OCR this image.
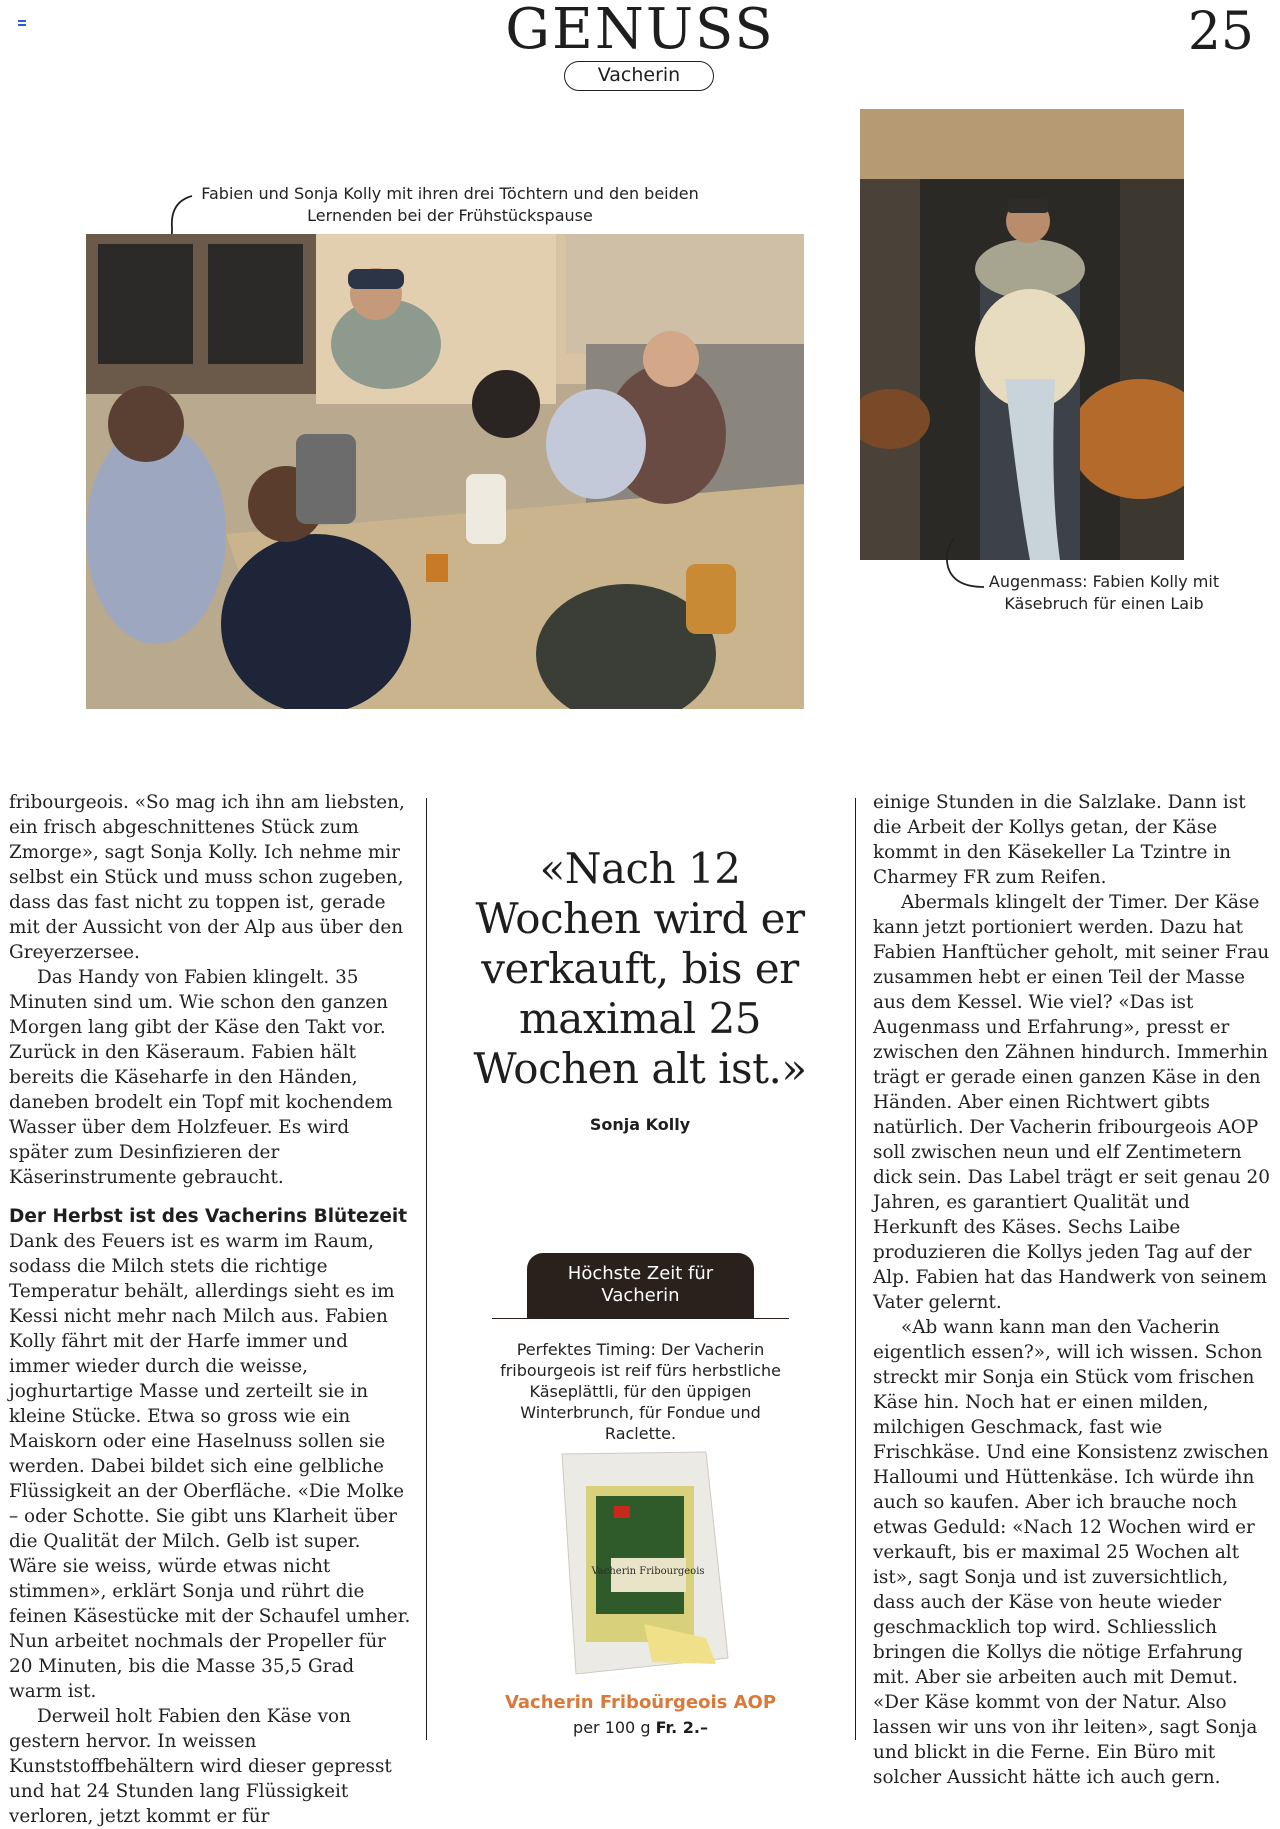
GENUSS
Vacherin
25
Fabien und Sonja Kolly mit ihren drei Töchtern und den beiden Lernenden bei der Frühstückspause
Augenmass: Fabien Kolly mit Käsebruch für einen Laib

fribourgeois. «So mag ich ihn am liebsten, ein frisch abgeschnittenes Stück zum Zmorge», sagt Sonja Kolly. Ich nehme mir selbst ein Stück und muss schon zugeben, dass das fast nicht zu toppen ist, gerade mit der Aussicht von der Alp aus über den Greyerzersee.

Das Handy von Fabien klingelt. 35 Minuten sind um. Wie schon den ganzen Morgen lang gibt der Käse den Takt vor. Zurück in den Käseraum. Fabien hält bereits die Käseharfe in den Händen, daneben brodelt ein Topf mit kochendem Wasser über dem Holzfeuer. Es wird später zum Desinfizieren der Käserinstrumente gebraucht.

Der Herbst ist des Vacherins Blütezeit

Dank des Feuers ist es warm im Raum, sodass die Milch stets die richtige Temperatur behält, allerdings sieht es im Kessi nicht mehr nach Milch aus. Fabien Kolly fährt mit der Harfe immer und immer wieder durch die weisse, joghurtartige Masse und zerteilt sie in kleine Stücke. Etwa so gross wie ein Maiskorn oder eine Haselnuss sollen sie werden. Dabei bildet sich eine gelbliche Flüssigkeit an der Oberfläche. «Die Molke – oder Schotte. Sie gibt uns Klarheit über die Qualität der Milch. Gelb ist super. Wäre sie weiss, würde etwas nicht stimmen», erklärt Sonja und rührt die feinen Käsestücke mit der Schaufel umher. Nun arbeitet nochmals der Propeller für 20 Minuten, bis die Masse 35,5 Grad warm ist.

Derweil holt Fabien den Käse von gestern hervor. In weissen Kunststoffbehältern wird dieser gepresst und hat 24 Stunden lang Flüssigkeit verloren, jetzt kommt er für

«Nach 12 Wochen wird er verkauft, bis er maximal 25 Wochen alt ist.»
Sonja Kolly
Höchste Zeit für Vacherin
Perfektes Timing: Der Vacherin fribourgeois ist reif fürs herbstliche Käseplättli, für den üppigen Winterbrunch, für Fondue und Raclette.
Vacherin Fribourgeois
Vacherin Friboürgeois AOP
per 100 g Fr. 2.–

einige Stunden in die Salzlake. Dann ist die Arbeit der Kollys getan, der Käse kommt in den Käsekeller La Tzintre in Charmey FR zum Reifen.

Abermals klingelt der Timer. Der Käse kann jetzt portioniert werden. Dazu hat Fabien Hanftücher geholt, mit seiner Frau zusammen hebt er einen Teil der Masse aus dem Kessel. Wie viel? «Das ist Augenmass und Erfahrung», presst er zwischen den Zähnen hindurch. Immerhin trägt er gerade einen ganzen Käse in den Händen. Aber einen Richtwert gibts natürlich. Der Vacherin fribourgeois AOP soll zwischen neun und elf Zentimetern dick sein. Das Label trägt er seit genau 20 Jahren, es garantiert Qualität und Herkunft des Käses. Sechs Laibe produzieren die Kollys jeden Tag auf der Alp. Fabien hat das Handwerk von seinem Vater gelernt.

«Ab wann kann man den Vacherin eigentlich essen?», will ich wissen. Schon streckt mir Sonja ein Stück vom frischen Käse hin. Noch hat er einen milden, milchigen Geschmack, fast wie Frischkäse. Und eine Konsistenz zwischen Halloumi und Hüttenkäse. Ich würde ihn auch so kaufen. Aber ich brauche noch etwas Geduld: «Nach 12 Wochen wird er verkauft, bis er maximal 25 Wochen alt ist», sagt Sonja und ist zuversichtlich, dass auch der Käse von heute wieder geschmacklich top wird. Schliesslich bringen die Kollys die nötige Erfahrung mit. Aber sie arbeiten auch mit Demut. «Der Käse kommt von der Natur. Also lassen wir uns von ihr leiten», sagt Sonja und blickt in die Ferne. Ein Büro mit solcher Aussicht hätte ich auch gern.
